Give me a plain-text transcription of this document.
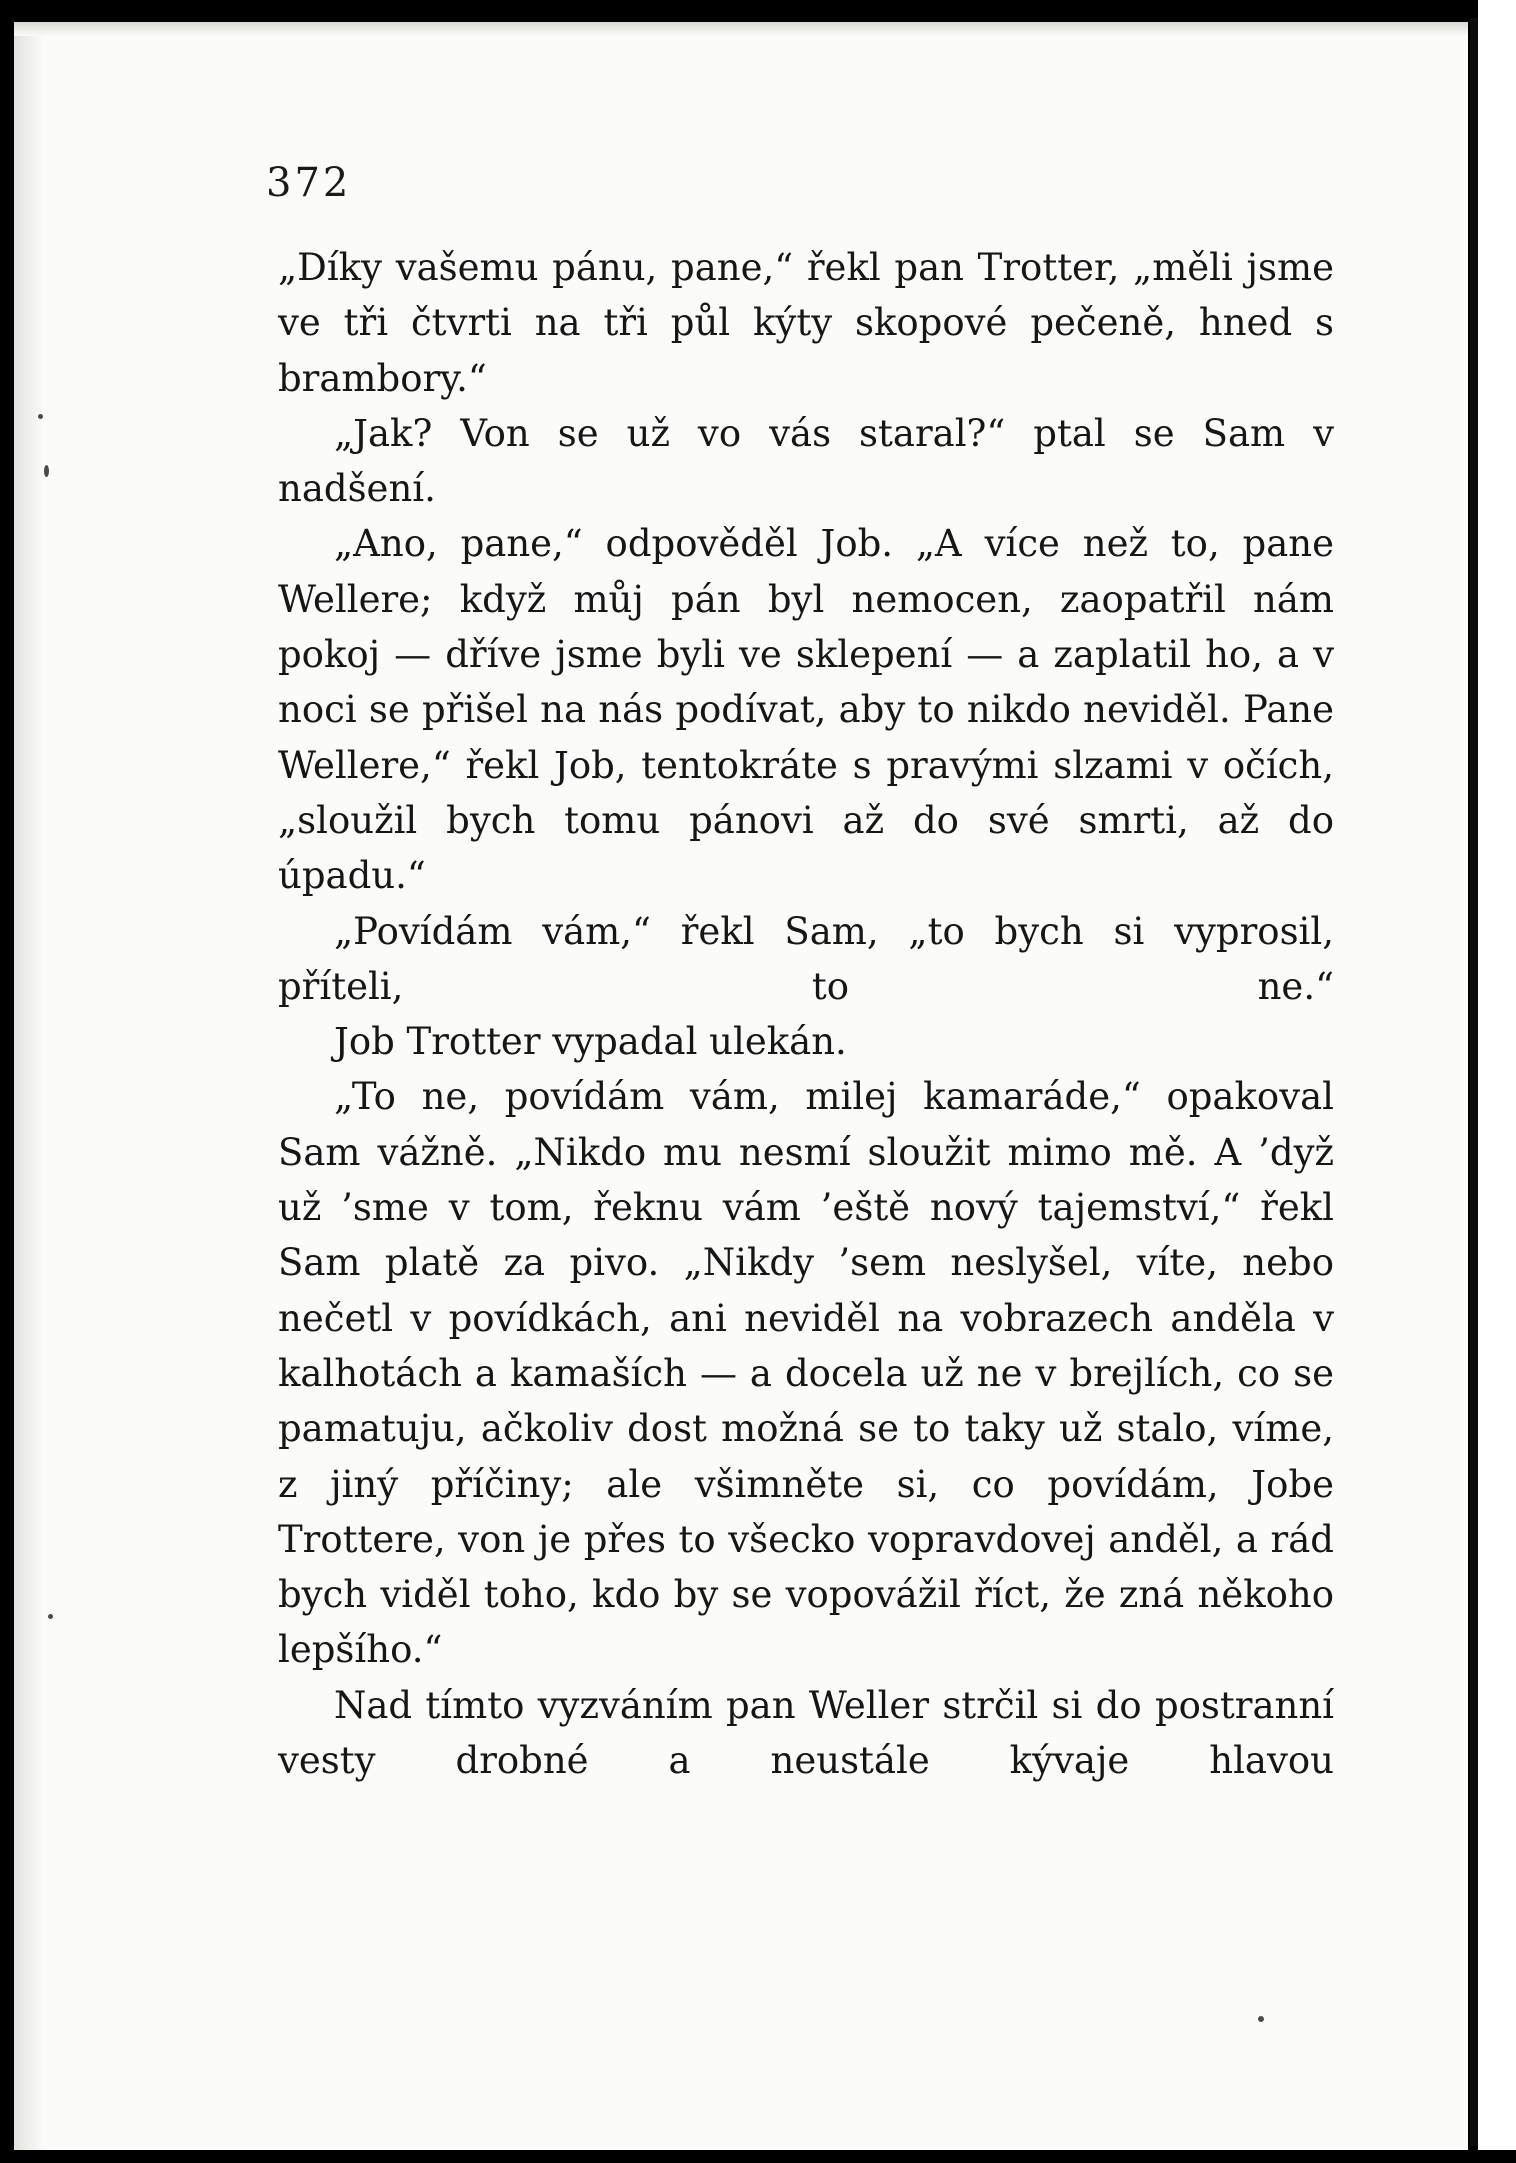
372

„Díky vašemu pánu, pane,“ řekl pan Trotter, „měli jsme ve tři čtvrti na tři půl kýty skopové pečeně, hned s brambory.“

„Jak? Von se už vo vás staral?“ ptal se Sam v nadšení.

„Ano, pane,“ odpověděl Job. „A více než to, pane Wellere; když můj pán byl nemocen, zaopatřil nám pokoj — dříve jsme byli ve sklepení — a zaplatil ho, a v noci se přišel na nás podívat, aby to nikdo neviděl. Pane Wellere,“ řekl Job, tentokráte s pravými slzami v očích, „sloužil bych tomu pánovi až do své smrti, až do úpadu.“

„Povídám vám,“ řekl Sam, „to bych si vyprosil, příteli, to ne.“

Job Trotter vypadal ulekán.

„To ne, povídám vám, milej kamaráde,“ opakoval Sam vážně. „Nikdo mu nesmí sloužit mimo mě. A ’dyž už ’sme v tom, řeknu vám ’eště nový tajemství,“ řekl Sam platě za pivo. „Nikdy ’sem neslyšel, víte, nebo nečetl v povídkách, ani neviděl na vobrazech anděla v kalhotách a kamaších — a docela už ne v brejlích, co se pamatuju, ačkoliv dost možná se to taky už stalo, víme, z jiný příčiny; ale všimněte si, co povídám, Jobe Trottere, von je přes to všecko vopravdovej anděl, a rád bych viděl toho, kdo by se vopovážil říct, že zná někoho lepšího.“

Nad tímto vyzváním pan Weller strčil si do postranní vesty drobné a neustále kývaje hlavou
